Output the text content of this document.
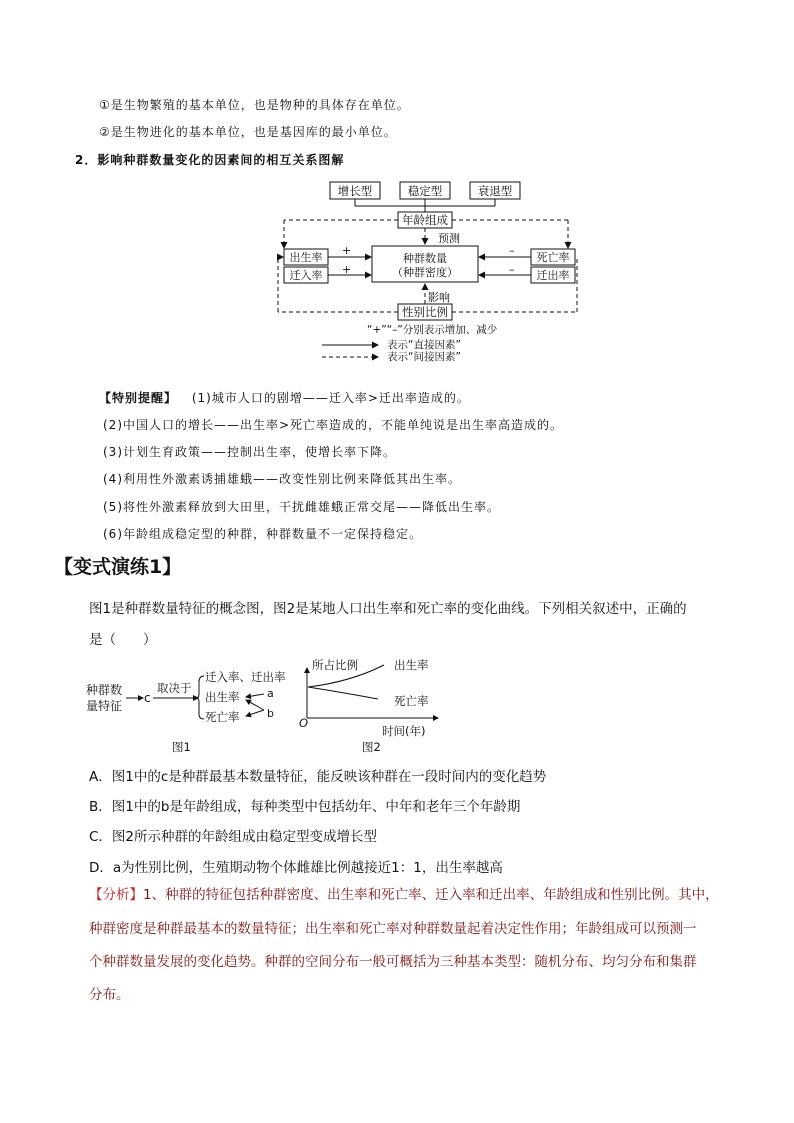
①是生物繁殖的基本单位，也是物种的具体存在单位。
②是生物进化的基本单位，也是基因库的最小单位。
2．影响种群数量变化的因素间的相互关系图解
增长型	稳定型	衰退型
年龄组成
预测
种群数量
（种群密度）
出生率
迁入率
死亡率
迁出率
+
+
–
–
影响
性别比例
“+”“–”分别表示增加、减少
表示“直接因素”
表示“间接因素”
【特别提醒】 (1)城市人口的剧增——迁入率>迁出率造成的。
(2)中国人口的增长——出生率>死亡率造成的，不能单纯说是出生率高造成的。
(3)计划生育政策——控制出生率，使增长率下降。
(4)利用性外激素诱捕雄蛾——改变性别比例来降低其出生率。
(5)将性外激素释放到大田里，干扰雌雄蛾正常交尾——降低出生率。
(6)年龄组成稳定型的种群，种群数量不一定保持稳定。
【变式演练1】
图1是种群数量特征的概念图，图2是某地人口出生率和死亡率的变化曲线。下列相关叙述中，正确的
是（　　）
种群数
量特征
c
取决于
迁入率、迁出率
出生率
死亡率
a
b
图1
所占比例
O
时间(年)
出生率
死亡率
图2
A．图1中的c是种群最基本数量特征，能反映该种群在一段时间内的变化趋势
B．图1中的b是年龄组成，每种类型中包括幼年、中年和老年三个年龄期
C．图2所示种群的年龄组成由稳定型变成增长型
D．a为性别比例，生殖期动物个体雌雄比例越接近1：1，出生率越高
【分析】1、种群的特征包括种群密度、出生率和死亡率、迁入率和迁出率、年龄组成和性别比例。其中，
种群密度是种群最基本的数量特征；出生率和死亡率对种群数量起着决定性作用；年龄组成可以预测一
个种群数量发展的变化趋势。种群的空间分布一般可概括为三种基本类型：随机分布、均匀分布和集群
分布。
